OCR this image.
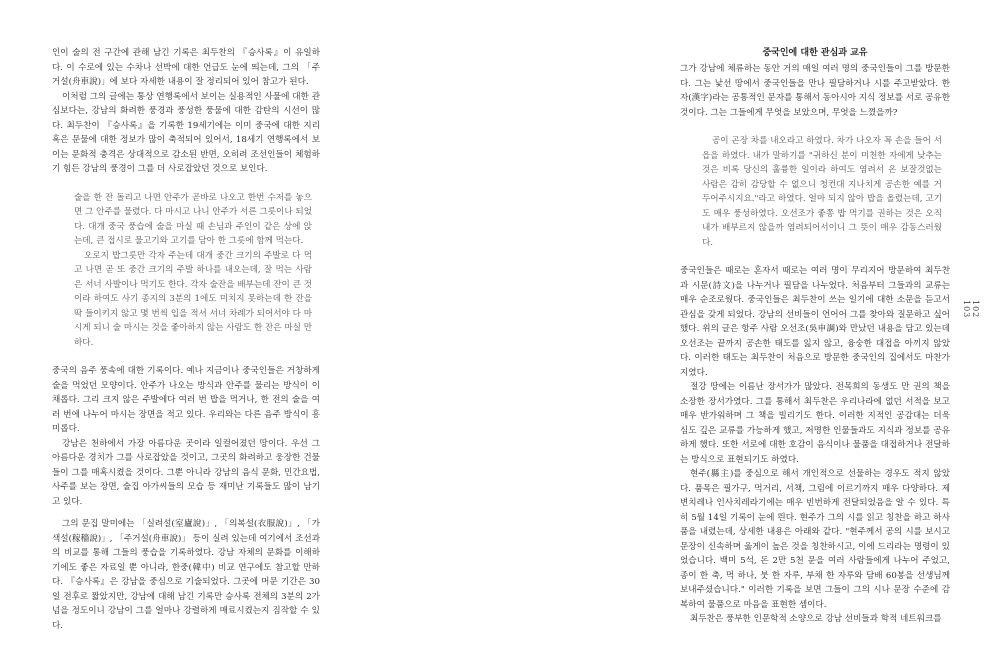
인이 술의 전 구간에 관해 남긴 기록은 최두찬의 『승사록』이 유일하다. 이 수로에 있는 수차나 선박에 대한 언급도 눈에 띄는데, 그의 「주거설(舟車說)」에 보다 자세한 내용이 잘 정리되어 있어 참고가 된다.

이처럼 그의 글에는 통상 연행록에서 보이는 실용적인 사물에 대한 관심보다는, 강남의 화려한 풍경과 풍성한 풍물에 대한 감탄의 시선이 많다. 최두찬이 『승사록』을 기록한 19세기에는 이미 중국에 대한 지리 혹은 문물에 대한 정보가 많이 축적되어 있어서, 18세기 연행록에서 보이는 문화적 충격은 상대적으로 감소된 반면, 오히려 조선인들이 체험하기 힘든 강남의 풍경이 그를 더 사로잡았던 것으로 보인다.

술을 한 잔 돌리고 나면 안주가 곧바로 나오고 한번 수저를 놓으면 그 안주를 물렸다. 다 마시고 나니 안주가 서른 그릇이나 되었다. 대개 중국 풍습에 술을 마실 때 손님과 주인이 같은 상에 앉는데, 큰 접시로 물고기와 고기를 담아 한 그릇에 함께 먹는다.

오로지 밥그릇만 각자 주는데 대개 중간 크기의 주발로 다 먹고 나면 곧 또 중간 크기의 주발 하나를 내오는데, 잘 먹는 사람은 서너 사발이나 먹기도 한다. 각자 술잔을 배부는데 잔이 큰 것이라 하여도 사기 종지의 3분의 1에도 미치지 못하는데 한 잔을 딱 들이키지 않고 몇 번씩 입을 적셔 서너 차례가 되어서야 다 마시게 되니 술 마시는 것을 좋아하지 않는 사람도 한 잔은 마실 만하다.

중국의 음주 풍속에 대한 기록이다. 예나 지금이나 중국인들은 거창하게 술을 먹었던 모양이다. 안주가 나오는 방식과 안주를 물리는 방식이 이채롭다. 그리 크지 않은 주발에다 여러 번 밥을 먹거나, 한 전의 술을 여러 번에 나누어 마시는 장면을 적고 있다. 우리와는 다른 음주 방식이 흥미롭다.

강남은 천하에서 가장 아름다운 곳이라 일컬어졌던 땅이다. 우선 그 아름다운 경치가 그를 사로잡았을 것이고, 그곳의 화려하고 웅장한 건물들이 그를 매혹시켰을 것이다. 그뿐 아니라 강남의 음식 문화, 민간요법, 사주를 보는 장면, 술집 아가씨들의 모습 등 재미난 기록들도 많이 남기고 있다.

그의 문집 말미에는 「실려설(室廬說)」, 「의복설(衣服說)」, 「가색설(稼穡說)」, 「주거설(舟車說)」 등이 실려 있는데 여기에서 조선과의 비교를 통해 그들의 풍습을 기록하였다. 강남 자체의 문화를 이해하기에도 좋은 자료일 뿐 아니라, 한중(韓中) 비교 연구에도 참고할 만하다. 『승사록』은 강남을 중심으로 기술되었다. 그곳에 머문 기간은 30일 전후로 짧았지만, 강남에 대해 남긴 기록만 승사록 전체의 3분의 2가 넘을 정도이니 강남이 그를 얼마나 강렬하게 매료시켰는지 짐작할 수 있다.

중국인에 대한 관심과 교유

그가 강남에 체류하는 동안 거의 매일 여러 명의 중국인들이 그를 방문한다. 그는 낯선 땅에서 중국인들을 만나 필담하거나 시를 주고받았다. 한자(漢字)라는 공통적인 문자를 통해서 동아시아 지식 정보를 서로 공유한 것이다. 그는 그들에게 무엇을 보았으며, 무엇을 느꼈을까?

공이 곤장 차를 내오라고 하였다. 차가 나오자 꼭 손을 들어 서 읍을 하였다. 내가 말하기를 "귀하신 분이 미천한 자에게 낮추는 것은 비록 당신의 훌륭한 일이라 하여도 염려서 온 보잘것없는 사람은 감히 감당할 수 없으니 청컨대 지나치게 공손한 예를 거두어주시지요."라고 하였다. 얼마 되지 않아 밥을 올렸는데, 고기도 매우 풍성하였다. 오선조가 좋쫑 밥 먹기를 권하는 것은 오직 내가 배부르지 않을까 염려되어서이니 그 뜻이 매우 감동스러웠다.

중국인들은 때로는 혼자서 때로는 여러 명이 무리지어 방문하여 최두찬과 시문(詩文)을 나누거나 필담을 나누었다. 처음부터 그들과의 교류는 매우 순조로웠다. 중국인들은 최두찬이 쓰는 일기에 대한 소문을 듣고서 관심을 갖게 되었다. 강남의 선비들이 언어어 그를 찾아와 질문하고 싶어 했다. 위의 글은 항주 사람 오선조(吳申調)와 만났던 내용을 담고 있는데 오선조는 끝까지 공손한 태도를 잃지 않고, 융숭한 대접을 아끼지 않았다. 이러한 태도는 최두찬이 처음으로 방문한 중국인의 집에서도 마찬가지였다.

절강 땅에는 이름난 장서가가 많았다. 전목희의 동생도 만 권의 책을 소장한 장서가였다. 그를 통해서 최두찬은 우리나라에 없던 서적을 보고 매우 반가워하며 그 책을 빌리기도 한다. 이러한 지적인 공감대는 더욱 심도 깊은 교류를 가능하게 했고, 저명한 인물들과도 지식과 정보를 공유하게 했다. 또한 서로에 대한 호감이 음식이나 물품을 대접하거나 전달하는 방식으로 표현되기도 하였다.

현주(縣主)를 중심으로 해서 개인적으로 선물하는 경우도 적지 않았다. 품목은 필가구, 먹거리, 서책, 그림에 이르기까지 매우 다양하다. 제변치레나 인사치레라기에는 매우 빈번하게 전달되었음을 알 수 있다. 특히 5월 14일 기록이 눈에 띈다. 현주가 그의 시를 읽고 칭찬을 하고 하사품을 내렸는데, 상세한 내용은 아래와 같다. "현주께서 공의 시를 보시고 문장이 신속하며 옳게이 높은 것을 칭찬하시고, 이에 드리라는 명령이 있었습니다. 백미 5석, 돈 2만 5천 문을 여러 사람들에게 나누어 주었고, 종이 한 축, 먹 하나, 붓 한 자루, 부채 한 자루와 담배 60봉을 선생님께 보내주셨습니다." 이러한 기록을 보면 그들이 그의 시나 문장 수준에 감복하여 물품으로 마음을 표현한 셈이다.

최두찬은 풍부한 인문학적 소양으로 강남 선비들과 학적 네트워크를

102
103
